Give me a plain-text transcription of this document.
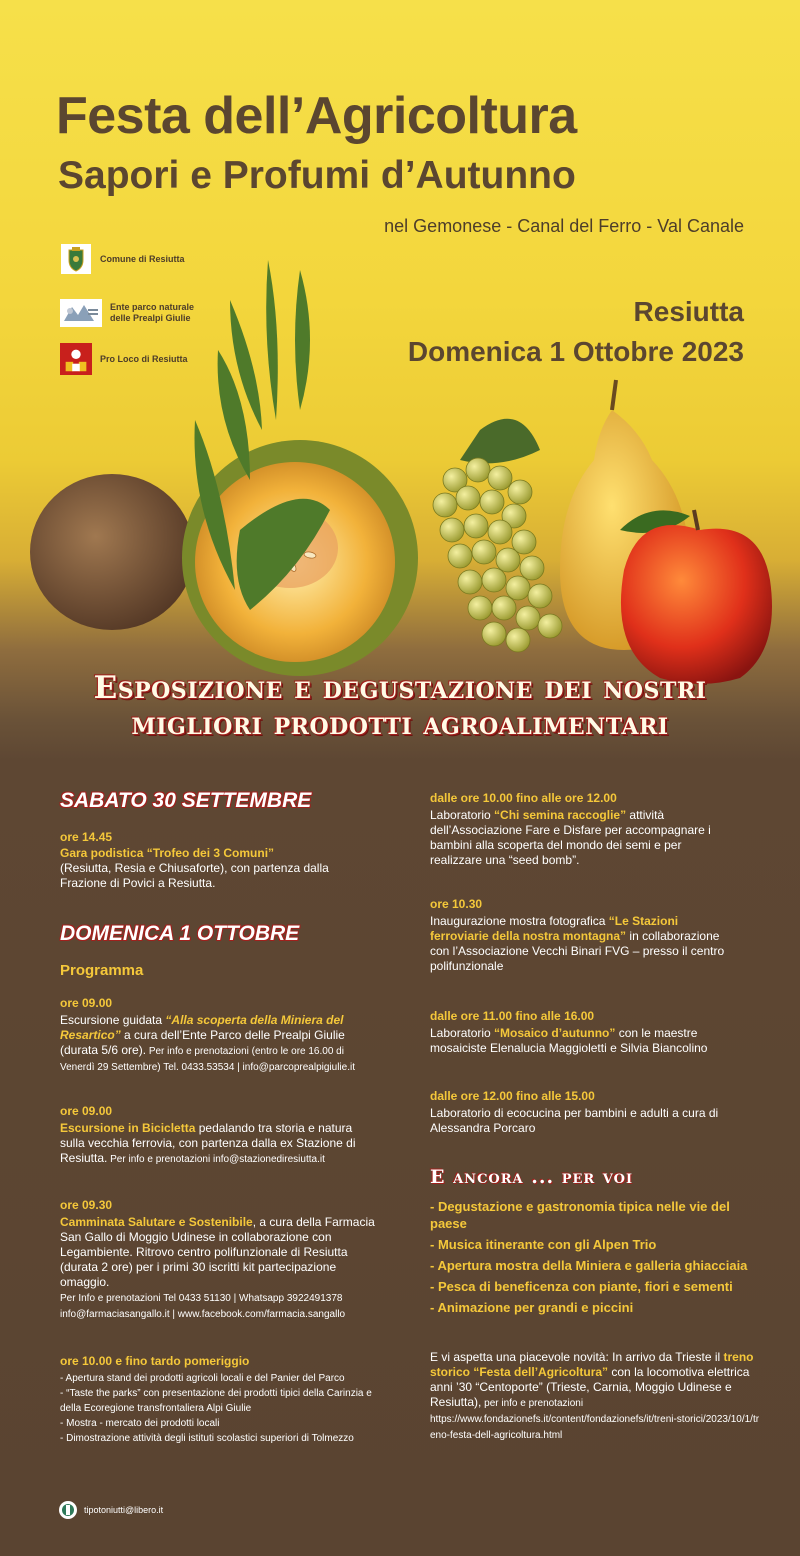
Festa dell’Agricoltura
Sapori e Profumi d’Autunno
nel Gemonese - Canal del Ferro - Val Canale
Comune di Resiutta
Ente parco naturale delle Prealpi Giulie
Pro Loco di Resiutta
Resiutta
Domenica 1 Ottobre 2023
Esposizione e degustazione dei nostri
migliori prodotti agroalimentari
SABATO 30 SETTEMBRE
ore 14.45
Gara podistica “Trofeo dei 3 Comuni”
(Resiutta, Resia e Chiusaforte), con partenza dalla Frazione di Povici a Resiutta.
DOMENICA 1 OTTOBRE
Programma
ore 09.00
Escursione guidata “Alla scoperta della Miniera del Resartico” a cura dell’Ente Parco delle Prealpi Giulie (durata 5/6 ore). Per info e prenotazioni (entro le ore 16.00 di Venerdì 29 Settembre) Tel. 0433.53534 | info@parcoprealpigiulie.it
ore 09.00
Escursione in Bicicletta pedalando tra storia e natura sulla vecchia ferrovia, con partenza dalla ex Stazione di Resiutta. Per info e prenotazioni info@stazionediresiutta.it
ore 09.30
Camminata Salutare e Sostenibile, a cura della Farmacia San Gallo di Moggio Udinese in collaborazione con Legambiente. Ritrovo centro polifunzionale di Resiutta (durata 2 ore) per i primi 30 iscritti kit partecipazione omaggio.
Per Info e prenotazioni Tel 0433 51130 | Whatsapp 3922491378 info@farmaciasangallo.it | www.facebook.com/farmacia.sangallo
ore 10.00 e fino tardo pomeriggio
- Apertura stand dei prodotti agricoli locali e del Panier del Parco
- “Taste the parks” con presentazione dei prodotti tipici della Carinzia e della Ecoregione transfrontaliera Alpi Giulie
- Mostra - mercato dei prodotti locali
- Dimostrazione attività degli istituti scolastici superiori di Tolmezzo
dalle ore 10.00 fino alle ore 12.00
Laboratorio “Chi semina raccoglie” attività dell’Associazione Fare e Disfare per accompagnare i bambini alla scoperta del mondo dei semi e per realizzare una “seed bomb”.
ore 10.30
Inaugurazione mostra fotografica “Le Stazioni ferroviarie della nostra montagna” in collaborazione con l’Associazione Vecchi Binari FVG – presso il centro polifunzionale
dalle ore 11.00 fino alle 16.00
Laboratorio “Mosaico d’autunno” con le maestre mosaiciste Elenalucia Maggioletti e Silvia Biancolino
dalle ore 12.00 fino alle 15.00
Laboratorio di ecocucina per bambini e adulti a cura di Alessandra Porcaro
E ancora ... per voi
- Degustazione e gastronomia tipica nelle vie del paese
- Musica itinerante con gli Alpen Trio
- Apertura mostra della Miniera e galleria ghiacciaia
- Pesca di beneficenza con piante, fiori e sementi
- Animazione per grandi e piccini
E vi aspetta una piacevole novità: In arrivo da Trieste il treno storico “Festa dell’Agricoltura” con la locomotiva elettrica anni ’30 “Centoporte” (Trieste, Carnia, Moggio Udinese e Resiutta), per info e prenotazioni
https://www.fondazionefs.it/content/fondazionefs/it/treni-storici/2023/10/1/treno-festa-dell-agricoltura.html
tipotoniutti@libero.it
